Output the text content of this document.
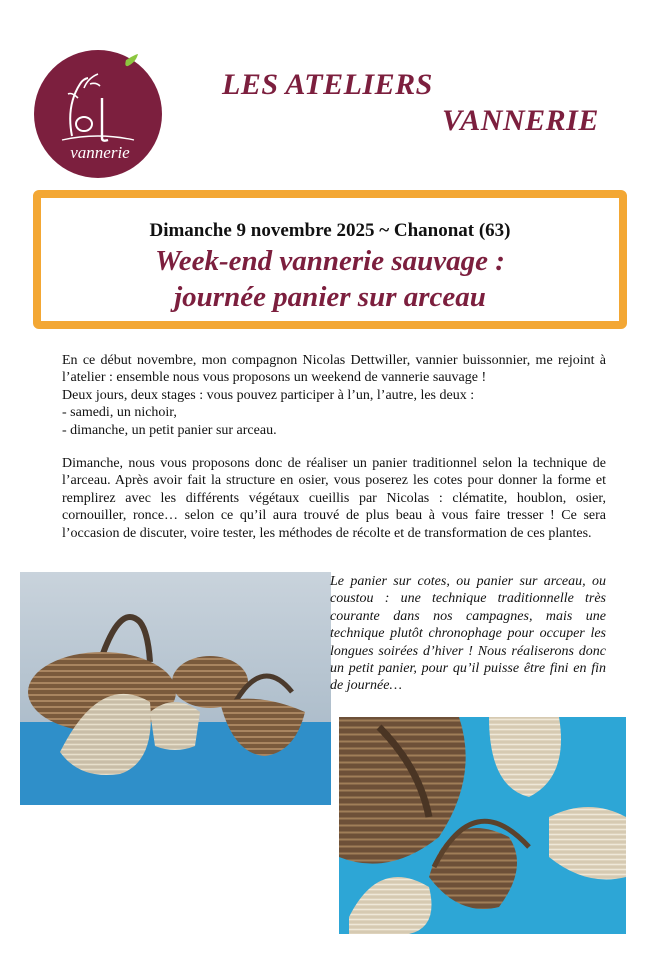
vannerie
LES ATELIERS
VANNERIE
Dimanche 9 novembre 2025 ~ Chanonat (63)
Week-end vannerie sauvage :
journée panier sur arceau
En ce début novembre, mon compagnon Nicolas Dettwiller, vannier buissonnier, me rejoint à l’atelier : ensemble nous vous proposons un weekend de vannerie sauvage !
Deux jours, deux stages : vous pouvez participer à l’un, l’autre, les deux :
- samedi, un nichoir,
- dimanche, un petit panier sur arceau.
Dimanche, nous vous proposons donc de réaliser un panier traditionnel selon la technique de l’arceau. Après avoir fait la structure en osier, vous poserez les cotes pour donner la forme et remplirez avec les différents végétaux cueillis par Nicolas : clématite, houblon, osier, cornouiller, ronce… selon ce qu’il aura trouvé de plus beau à vous faire tresser ! Ce sera l’occasion de discuter, voire tester, les méthodes de récolte et de transformation de ces plantes.
Le panier sur cotes, ou panier sur arceau, ou coustou : une technique traditionnelle très courante dans nos campagnes, mais une technique plutôt chronophage pour occuper les longues soirées d’hiver ! Nous réaliserons donc un petit panier, pour qu’il puisse être fini en fin de journée…
